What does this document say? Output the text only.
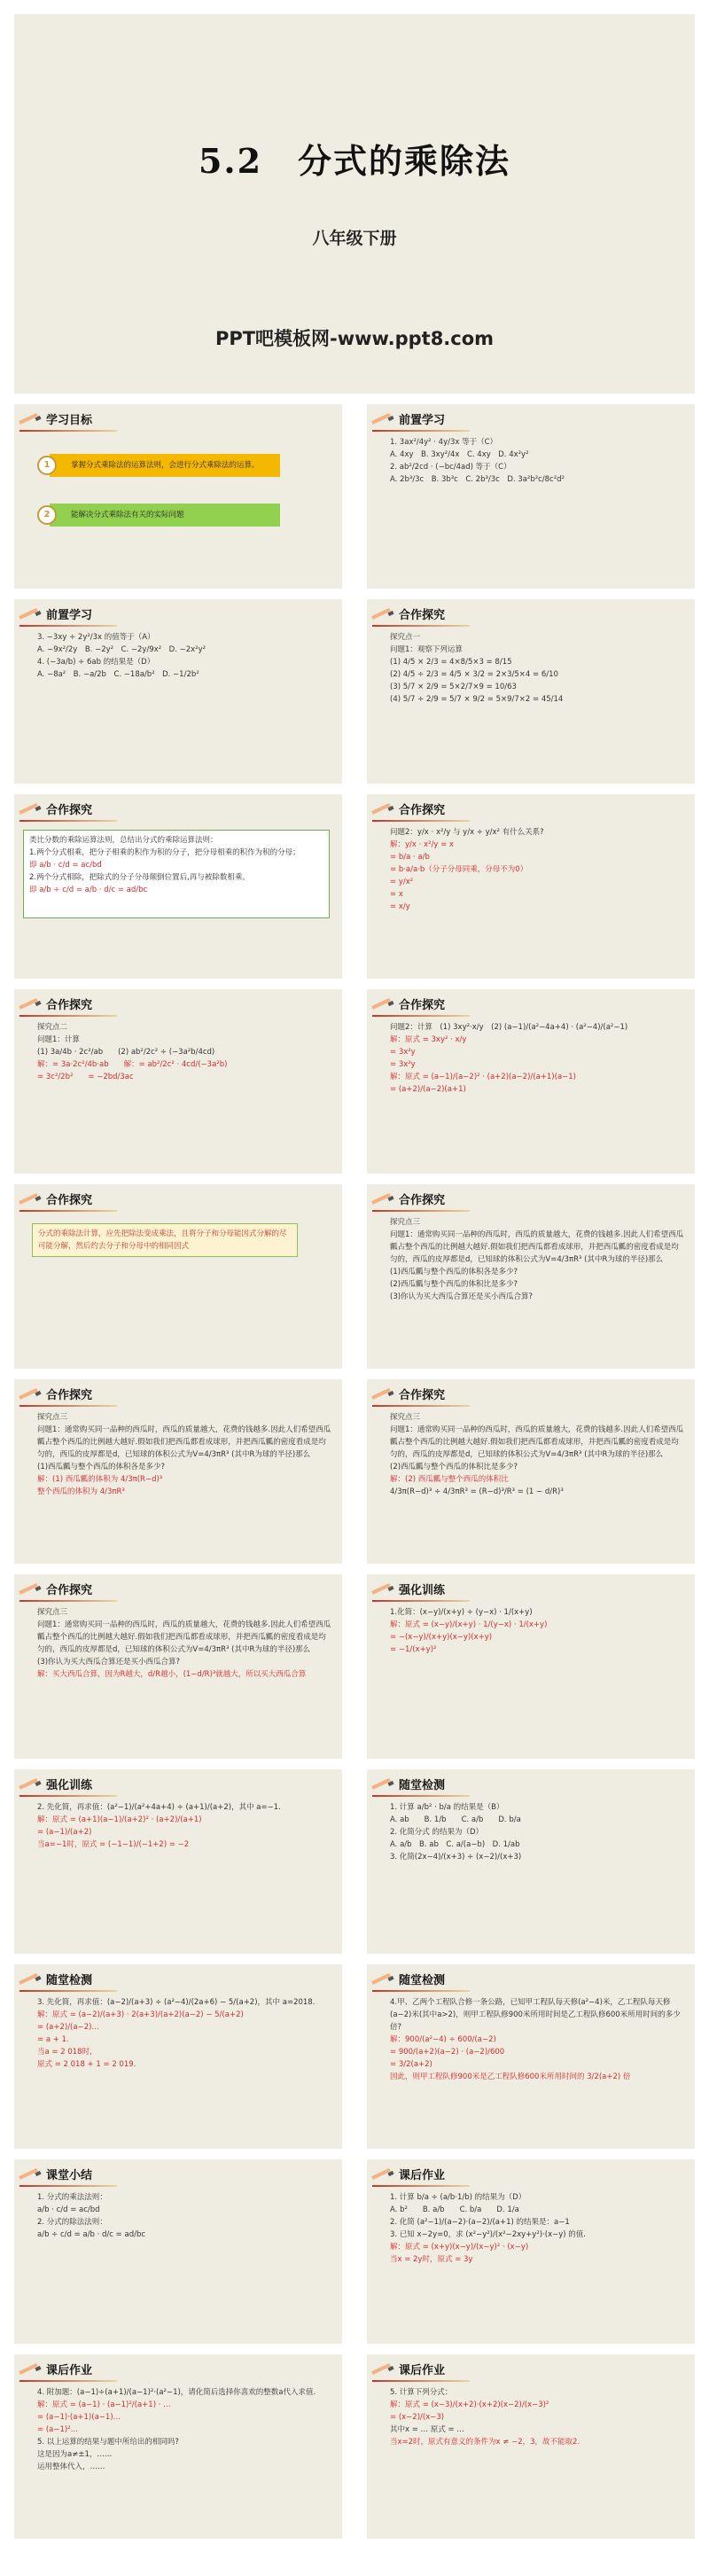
5.2　分式的乘除法
八年级下册
PPT吧模板网-www.ppt8.com
学习目标
1	掌握分式乘除法的运算法则，会进行分式乘除法的运算。
2	能解决分式乘除法有关的实际问题
前置学习
1. 3ax²/4y² · 4y/3x 等于（C）
A. 4xy　B. 3xy²/4x　C. 4xy　D. 4x²y²
2. ab²/2cd · (−bc/4ad) 等于（C）
A. 2b³/3c　B. 3b³c　C. 2b³/3c　D. 3a²b²c/8c²d²
前置学习
3. −3xy ÷ 2y²/3x 的值等于（A）
A. −9x²/2y　B. −2y²　C. −2y/9x²　D. −2x²y²
4. (−3a/b) ÷ 6ab 的结果是（D）
A. −8a²　B. −a/2b　C. −18a/b²　D. −1/2b²
合作探究
探究点一
问题1：观察下列运算
(1) 4/5 × 2/3 = 4×8/5×3 = 8/15
(2) 4/5 ÷ 2/3 = 4/5 × 3/2 = 2×3/5×4 = 6/10
(3) 5/7 × 2/9 = 5×2/7×9 = 10/63
(4) 5/7 ÷ 2/9 = 5/7 × 9/2 = 5×9/7×2 = 45/14
合作探究
类比分数的乘除运算法则，总结出分式的乘除运算法则：
1.两个分式相乘，把分子相乘的积作为积的分子，把分母相乘的积作为积的分母；
即 a/b · c/d = ac/bd
2.两个分式相除，把除式的分子分母颠倒位置后,再与被除数相乘。
即 a/b ÷ c/d = a/b · d/c = ad/bc
合作探究
问题2：y/x · x²/y 与 y/x ÷ y/x² 有什么关系?
解：y/x · x²/y = x
= b/a · a/b
= b·a/a·b（分子分母同乘，分母不为0）
= y/x²
= x
= x/y
合作探究
探究点二
问题1：计算
(1) 3a/4b · 2c²/ab　　(2) ab²/2c² ÷ (−3a²b/4cd)
解：= 3a·2c²/4b·ab　　解：= ab²/2c² · 4cd/(−3a²b)
= 3c²/2b²　　= −2bd/3ac
合作探究
问题2：计算　(1) 3xy²·x/y　(2) (a−1)/(a²−4a+4) · (a²−4)/(a²−1)
解：原式 = 3xy² · x/y
= 3x²y
= 3x²y
解：原式 = (a−1)/(a−2)² · (a+2)(a−2)/(a+1)(a−1)
= (a+2)/(a−2)(a+1)
合作探究
分式的乘除法计算，应先把除法变成乘法，且将分子和分母能因式分解的尽可能分解，然后约去分子和分母中的相同因式
合作探究
探究点三
问题1：通常购买同一品种的西瓜时，西瓜的质量越大，花费的钱越多.因此人们希望西瓜瓤占整个西瓜的比例越大越好.假如我们把西瓜都看成球形，并把西瓜瓤的密度看成是均匀的，西瓜的皮厚都是d，已知球的体积公式为V=4/3πR³ (其中R为球的半径)那么
(1)西瓜瓤与整个西瓜的体积各是多少?
(2)西瓜瓤与整个西瓜的体积比是多少?
(3)你认为买大西瓜合算还是买小西瓜合算?
合作探究
探究点三
问题1：通常购买同一品种的西瓜时，西瓜的质量越大，花费的钱越多.因此人们希望西瓜瓤占整个西瓜的比例越大越好.假如我们把西瓜都看成球形，并把西瓜瓤的密度看成是均匀的，西瓜的皮厚都是d，已知球的体积公式为V=4/3πR³ (其中R为球的半径)那么
(1)西瓜瓤与整个西瓜的体积各是多少?
解：(1) 西瓜瓤的体积为 4/3π(R−d)³
整个西瓜的体积为 4/3πR³
合作探究
探究点三
问题1：通常购买同一品种的西瓜时，西瓜的质量越大，花费的钱越多.因此人们希望西瓜瓤占整个西瓜的比例越大越好.假如我们把西瓜都看成球形，并把西瓜瓤的密度看成是均匀的，西瓜的皮厚都是d，已知球的体积公式为V=4/3πR³ (其中R为球的半径)那么
(2)西瓜瓤与整个西瓜的体积比是多少?
解：(2) 西瓜瓤与整个西瓜的体积比
4/3π(R−d)³ ÷ 4/3πR³ = (R−d)³/R³ = (1 − d/R)³
合作探究
探究点三
问题1：通常购买同一品种的西瓜时，西瓜的质量越大，花费的钱越多.因此人们希望西瓜瓤占整个西瓜的比例越大越好.假如我们把西瓜都看成球形，并把西瓜瓤的密度看成是均匀的，西瓜的皮厚都是d，已知球的体积公式为V=4/3πR³ (其中R为球的半径)那么
(3)你认为买大西瓜合算还是买小西瓜合算?
解：买大西瓜合算，因为R越大，d/R越小，(1−d/R)³就越大，所以买大西瓜合算
强化训练
1.化简：(x−y)/(x+y) ÷ (y−x) · 1/(x+y)
解：原式 = (x−y)/(x+y) · 1/(y−x) · 1/(x+y)
= −(x−y)/(x+y)(x−y)(x+y)
= −1/(x+y)²
强化训练
2. 先化简，再求值：(a²−1)/(a²+4a+4) ÷ (a+1)/(a+2)，其中 a=−1.
解：原式 = (a+1)(a−1)/(a+2)² · (a+2)/(a+1)
= (a−1)/(a+2)
当a=−1时，原式 = (−1−1)/(−1+2) = −2
随堂检测
1. 计算 a/b² · b/a 的结果是（B）
A. ab　　B. 1/b　　C. a/b　　D. b/a
2. 化简分式 的结果为（D）
A. a/b　B. ab　C. a/(a−b)　D. 1/ab
3. 化简(2x−4)/(x+3) ÷ (x−2)/(x+3)
随堂检测
3. 先化简，再求值：(a−2)/(a+3) ÷ (a²−4)/(2a+6) − 5/(a+2)，其中 a=2018.
解：原式 = (a−2)/(a+3) · 2(a+3)/(a+2)(a−2) − 5/(a+2)
= (a+2)/(a−2)…
= a + 1.
当a = 2 018时,
原式 = 2 018 + 1 = 2 019.
随堂检测
4.甲、乙两个工程队合修一条公路，已知甲工程队每天修(a²−4)米，乙工程队每天修(a−2)米(其中a>2)，则甲工程队修900米所用时间是乙工程队修600米所用时间的多少倍?
解：900/(a²−4) ÷ 600/(a−2)
= 900/(a+2)(a−2) · (a−2)/600
= 3/2(a+2)
因此，则甲工程队修900米是乙工程队修600米所用时间的 3/2(a+2) 倍
课堂小结
1. 分式的乘法法则：
a/b · c/d = ac/bd
2. 分式的除法法则：
a/b ÷ c/d = a/b · d/c = ad/bc
课后作业
1. 计算 b/a ÷ (a/b·1/b) 的结果为（D）
A. b²　　B. a/b　　C. b/a　　D. 1/a
2. 化简 (a²−1)/(a−2)·(a−2)/(a+1) 的结果是：a−1
3. 已知 x−2y=0，求 (x²−y²)/(x²−2xy+y²)·(x−y) 的值.
解：原式 = (x+y)(x−y)/(x−y)² · (x−y)
当x = 2y时，原式 = 3y
课后作业
4. 附加题：(a−1)÷(a+1)/(a−1)²·(a²−1)，请化简后选择你喜欢的整数a代入求值.
解：原式 = (a−1) · (a−1)²/(a+1) · …
= (a−1)·(a+1)(a−1)…
= (a−1)²…
5. 以上运算的结果与题中所给出的相同吗?
这是因为a≠±1，……
运用整体代入，……
课后作业
5. 计算下列分式：
解：原式 = (x−3)/(x+2)·(x+2)(x−2)/(x−3)²
= (x−2)/(x−3)
其中x = … 原式 = …
当x=2时，原式有意义的条件为x ≠ −2，3，故不能取2.
